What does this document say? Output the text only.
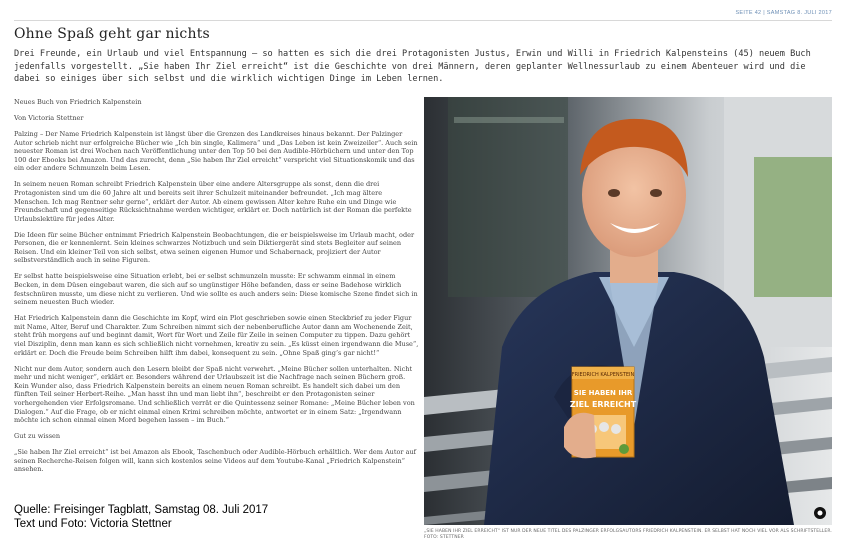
SEITE 42 | SAMSTAG 8. JULI 2017
Ohne Spaß geht gar nichts

Drei Freunde, ein Urlaub und viel Entspannung – so hatten es sich die drei Protagonisten Justus, Erwin und Willi in Friedrich Kalpensteins (45) neuem Buch jedenfalls vorgestellt. „Sie haben Ihr Ziel erreicht“ ist die Geschichte von drei Männern, deren geplanter Wellnessurlaub zu einem Abenteuer wird und die dabei so einiges über sich selbst und die wirklich wichtigen Dinge im Leben lernen.

Neues Buch von Friedrich Kalpenstein

Von Victoria Stettner

Palzing – Der Name Friedrich Kalpenstein ist längst über die Grenzen des Landkreises hinaus bekannt. Der Palzinger Autor schrieb nicht nur erfolgreiche Bücher wie „Ich bin single, Kalimera“ und „Das Leben ist kein Zweizeiler“. Auch sein neuester Roman ist drei Wochen nach Veröffentlichung unter den Top 50 bei den Audible-Hörbüchern und unter den Top 100 der Ebooks bei Amazon. Und das zurecht, denn „Sie haben Ihr Ziel erreicht“ verspricht viel Situationskomik und das ein oder andere Schmunzeln beim Lesen.

In seinem neuen Roman schreibt Friedrich Kalpenstein über eine andere Altersgruppe als sonst, denn die drei Protagonisten sind um die 60 Jahre alt und bereits seit ihrer Schulzeit miteinander befreundet. „Ich mag ältere Menschen. Ich mag Rentner sehr gerne“, erklärt der Autor. Ab einem gewissen Alter kehre Ruhe ein und Dinge wie Freundschaft und gegenseitige Rücksichtnahme werden wichtiger, erklärt er. Doch natürlich ist der Roman die perfekte Urlaubslektüre für jedes Alter.

Die Ideen für seine Bücher entnimmt Friedrich Kalpenstein Beobachtungen, die er beispielsweise im Urlaub macht, oder Personen, die er kennenlernt. Sein kleines schwarzes Notizbuch und sein Diktiergerät sind stets Begleiter auf seinen Reisen. Und ein kleiner Teil von sich selbst, etwa seinen eigenen Humor und Schabernack, projiziert der Autor selbstverständlich auch in seine Figuren.

Er selbst hatte beispielsweise eine Situation erlebt, bei er selbst schmunzeln musste: Er schwamm einmal in einem Becken, in dem Düsen eingebaut waren, die sich auf so ungünstiger Höhe befanden, dass er seine Badehose wirklich festschnüren musste, um diese nicht zu verlieren. Und wie sollte es auch anders sein: Diese komische Szene findet sich in seinem neuesten Buch wieder.

Hat Friedrich Kalpenstein dann die Geschichte im Kopf, wird ein Plot geschrieben sowie einen Steckbrief zu jeder Figur mit Name, Alter, Beruf und Charakter. Zum Schreiben nimmt sich der nebenberufliche Autor dann am Wochenende Zeit, steht früh morgens auf und beginnt damit, Wort für Wort und Zeile für Zeile in seinen Computer zu tippen. Dazu gehört viel Disziplin, denn man kann es sich schließlich nicht vornehmen, kreativ zu sein. „Es küsst einen irgendwann die Muse“, erklärt er. Doch die Freude beim Schreiben hilft ihm dabei, konsequent zu sein. „Ohne Spaß ging’s gar nicht!“

Nicht nur dem Autor, sondern auch den Lesern bleibt der Spaß nicht verwehrt. „Meine Bücher sollen unterhalten. Nicht mehr und nicht weniger“, erklärt er. Besonders während der Urlaubszeit ist die Nachfrage nach seinen Büchern groß. Kein Wunder also, dass Friedrich Kalpenstein bereits an einem neuen Roman schreibt. Es handelt sich dabei um den fünften Teil seiner Herbert-Reihe. „Man hasst ihn und man liebt ihn“, beschreibt er den Protagonisten seiner vorhergehenden vier Erfolgsromane. Und schließlich verrät er die Quintessenz seiner Romane: „Meine Bücher leben von Dialogen.“ Auf die Frage, ob er nicht einmal einen Krimi schreiben möchte, antwortet er in einem Satz: „Irgendwann möchte ich schon einmal einen Mord begehen lassen – im Buch.“

Gut zu wissen

„Sie haben Ihr Ziel erreicht“ ist bei Amazon als Ebook, Taschenbuch oder Audible-Hörbuch erhältlich. Wer dem Autor auf seinen Recherche-Reisen folgen will, kann sich kostenlos seine Videos auf dem Youtube-Kanal „Friedrich Kalpenstein“ ansehen.

FRIEDRICH KALPENSTEIN
SIE HABEN IHR
ZIEL ERREICHT
„SIE HABEN IHR ZIEL ERREICHT“ IST NUR DER NEUE TITEL DES PALZINGER ERFOLGSAUTORS FRIEDRICH KALPENSTEIN. ER SELBST HAT NOCH VIEL VOR ALS SCHRIFTSTELLER. FOTO: STETTNER
Quelle: Freisinger Tagblatt, Samstag 08. Juli 2017
Text und Foto: Victoria Stettner
